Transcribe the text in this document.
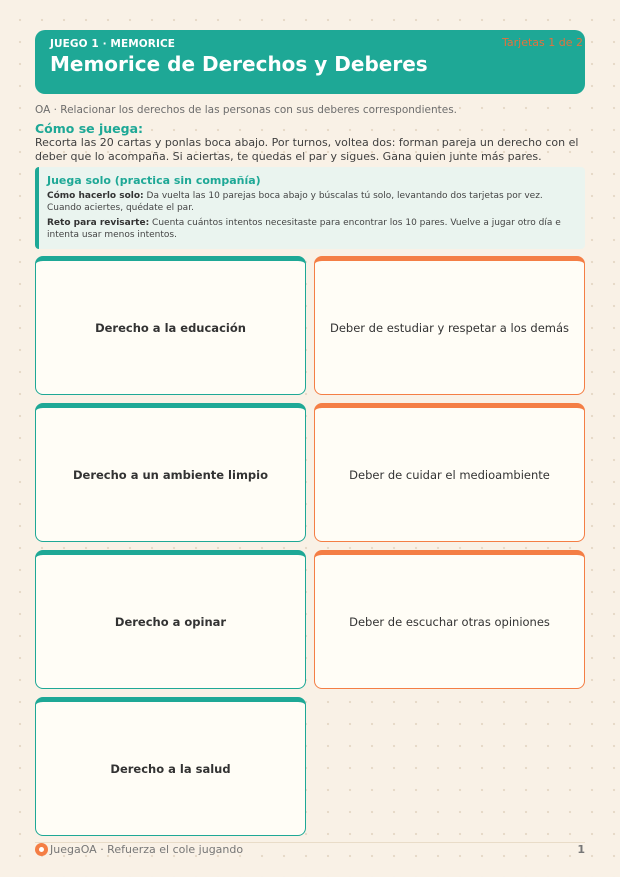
JUEGO 1 · MEMORICE
Memorice de Derechos y Deberes
Tarjetas 1 de 2
OA · Relacionar los derechos de las personas con sus deberes correspondientes.
Cómo se juega:
Recorta las 20 cartas y ponlas boca abajo. Por turnos, voltea dos: forman pareja un derecho con el deber que lo acompaña. Si aciertas, te quedas el par y sigues. Gana quien junte más pares.
Juega solo (practica sin compañía)
Cómo hacerlo solo: Da vuelta las 10 parejas boca abajo y búscalas tú solo, levantando dos tarjetas por vez. Cuando aciertes, quédate el par.
Reto para revisarte: Cuenta cuántos intentos necesitaste para encontrar los 10 pares. Vuelve a jugar otro día e intenta usar menos intentos.
Derecho a la educación	Deber de estudiar y respetar a los demás
Derecho a un ambiente limpio	Deber de cuidar el medioambiente
Derecho a opinar	Deber de escuchar otras opiniones
Derecho a la salud
JuegaOA · Refuerza el cole jugando	1
